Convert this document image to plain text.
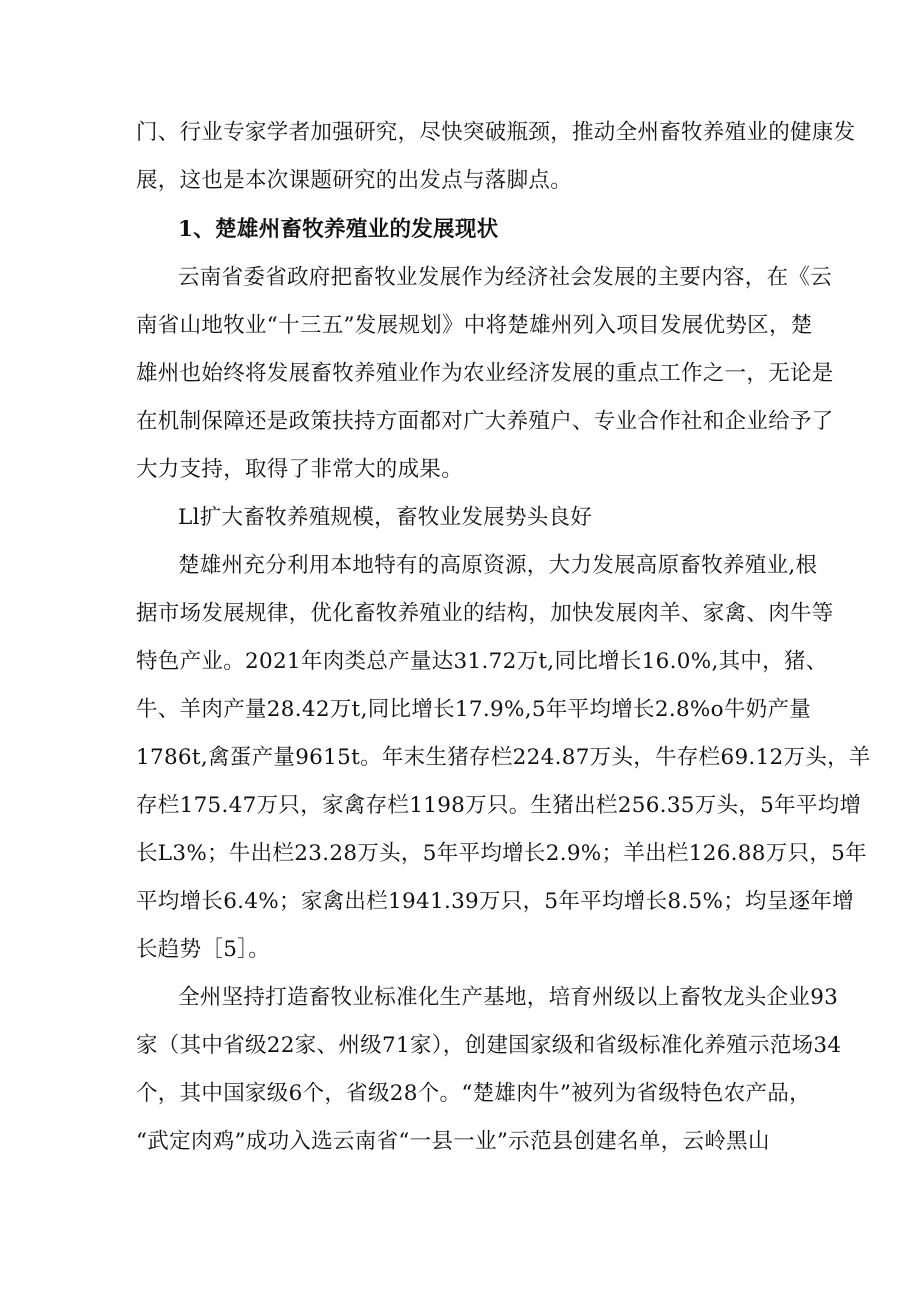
门、行业专家学者加强研究，尽快突破瓶颈，推动全州畜牧养殖业的健康发
展，这也是本次课题研究的出发点与落脚点。
1、楚雄州畜牧养殖业的发展现状
云南省委省政府把畜牧业发展作为经济社会发展的主要内容，在《云
南省山地牧业“十三五”发展规划》中将楚雄州列入项目发展优势区，楚
雄州也始终将发展畜牧养殖业作为农业经济发展的重点工作之一，无论是
在机制保障还是政策扶持方面都对广大养殖户、专业合作社和企业给予了
大力支持，取得了非常大的成果。
Ll扩大畜牧养殖规模，畜牧业发展势头良好
楚雄州充分利用本地特有的高原资源，大力发展高原畜牧养殖业,根
据市场发展规律，优化畜牧养殖业的结构，加快发展肉羊、家禽、肉牛等
特色产业。2021年肉类总产量达31.72万t,同比增长16.0%,其中，猪、
牛、羊肉产量28.42万t,同比增长17.9%,5年平均增长2.8%o牛奶产量
1786t,禽蛋产量9615t。年末生猪存栏224.87万头，牛存栏69.12万头，羊
存栏175.47万只，家禽存栏1198万只。生猪出栏256.35万头，5年平均增
长L3%；牛出栏23.28万头，5年平均增长2.9%；羊出栏126.88万只，5年
平均增长6.4%；家禽出栏1941.39万只，5年平均增长8.5%；均呈逐年增
长趋势［5］。
全州坚持打造畜牧业标准化生产基地，培育州级以上畜牧龙头企业93
家（其中省级22家、州级71家），创建国家级和省级标准化养殖示范场34
个，其中国家级6个，省级28个。“楚雄肉牛”被列为省级特色农产品，
“武定肉鸡”成功入选云南省“一县一业”示范县创建名单，云岭黑山
